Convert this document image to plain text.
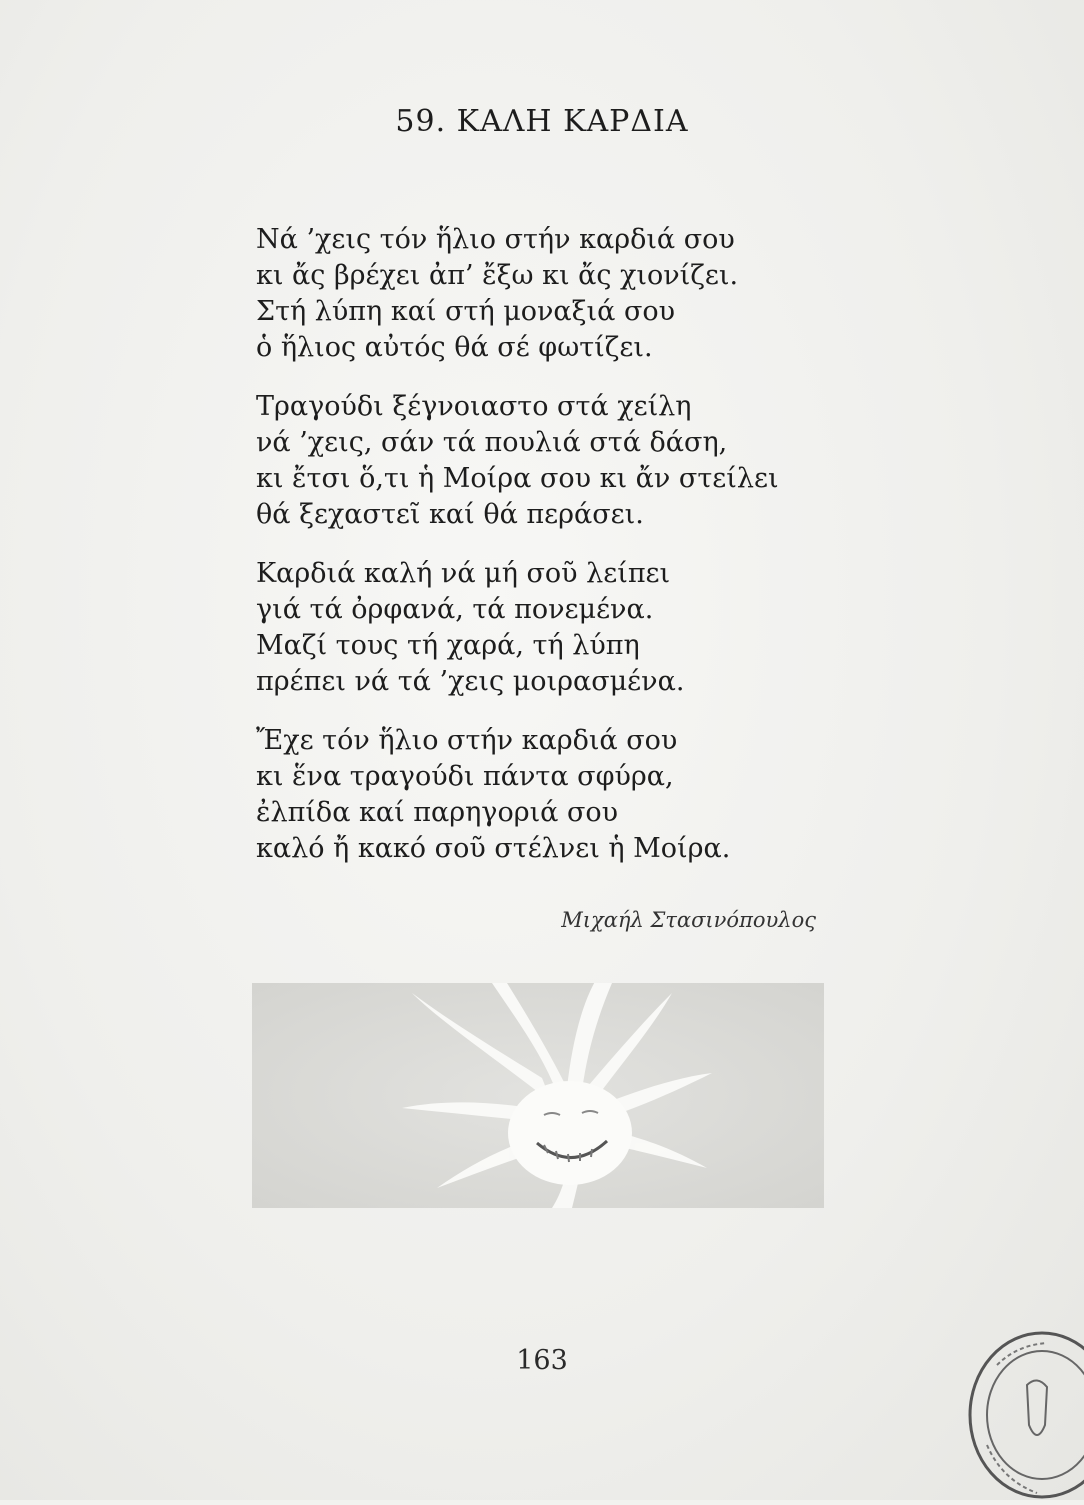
59. ΚΑΛΗ ΚΑΡΔΙΑ
Νά ’χεις τόν ἥλιο στήν καρδιά σου
κι ἄς βρέχει ἀπ’ ἔξω κι ἄς χιονίζει.
Στή λύπη καί στή μοναξιά σου
ὁ ἥλιος αὐτός θά σέ φωτίζει.
Τραγούδι ξέγνοιαστο στά χείλη
νά ’χεις, σάν τά πουλιά στά δάση,
κι ἔτσι ὅ,τι ἡ Μοίρα σου κι ἄν στείλει
θά ξεχαστεῖ καί θά περάσει.
Καρδιά καλή νά μή σοῦ λείπει
γιά τά ὀρφανά, τά πονεμένα.
Μαζί τους τή χαρά, τή λύπη
πρέπει νά τά ’χεις μοιρασμένα.
Ἔχε τόν ἥλιο στήν καρδιά σου
κι ἕνα τραγούδι πάντα σφύρα,
ἐλπίδα καί παρηγοριά σου
καλό ἤ κακό σοῦ στέλνει ἡ Μοίρα.
Μιχαήλ Στασινόπουλος
163
